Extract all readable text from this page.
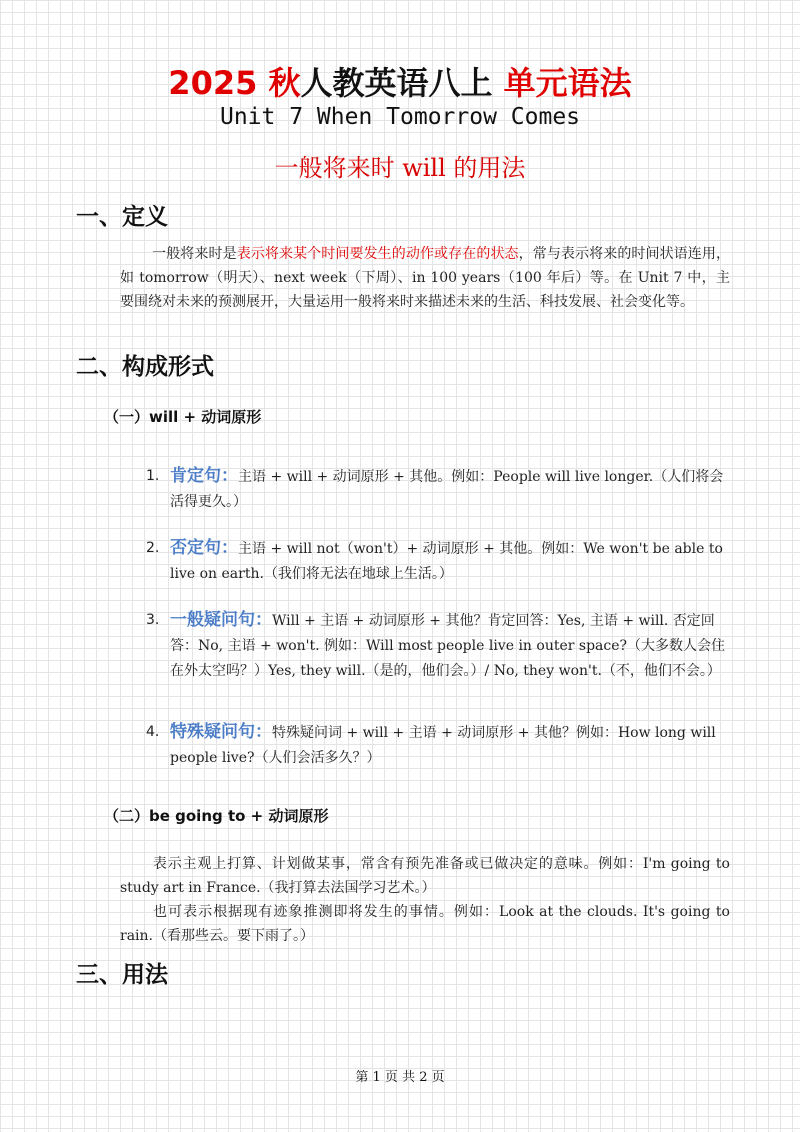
2025 秋人教英语八上 单元语法
Unit 7 When Tomorrow Comes
一般将来时 will 的用法
一、定义
一般将来时是表示将来某个时间要发生的动作或存在的状态，常与表示将来的时间状语连用，如 tomorrow（明天）、next week（下周）、in 100 years（100 年后）等。在 Unit 7 中，主要围绕对未来的预测展开，大量运用一般将来时来描述未来的生活、科技发展、社会变化等。
二、构成形式
（一）will + 动词原形
1. 肯定句：主语 + will + 动词原形 + 其他。例如：People will live longer.（人们将会活得更久。）
2. 否定句：主语 + will not（won't）+ 动词原形 + 其他。例如：We won't be able to live on earth.（我们将无法在地球上生活。）
3. 一般疑问句：Will + 主语 + 动词原形 + 其他？肯定回答：Yes, 主语 + will. 否定回答：No, 主语 + won't. 例如：Will most people live in outer space?（大多数人会住在外太空吗？）Yes, they will.（是的，他们会。）/ No, they won't.（不，他们不会。）
4. 特殊疑问句：特殊疑问词 + will + 主语 + 动词原形 + 其他？例如：How long will people live?（人们会活多久？）
（二）be going to + 动词原形
表示主观上打算、计划做某事，常含有预先准备或已做决定的意味。例如：I'm going to study art in France.（我打算去法国学习艺术。）
也可表示根据现有迹象推测即将发生的事情。例如：Look at the clouds. It's going to rain.（看那些云。要下雨了。）
三、用法
第 1 页 共 2 页
